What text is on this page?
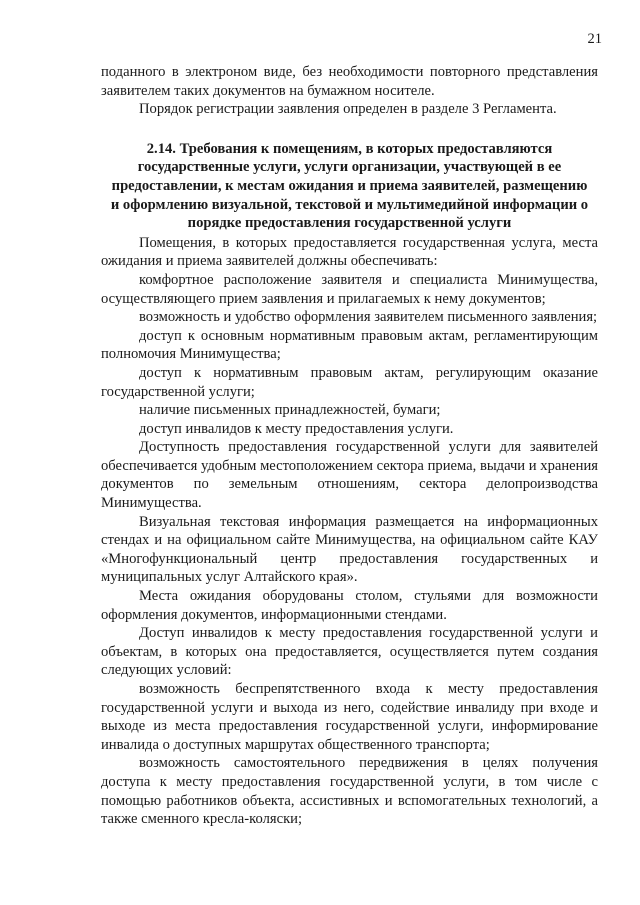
21

поданного в электроном виде, без необходимости повторного представления заявителем таких документов на бумажном носителе.

Порядок регистрации заявления определен в разделе 3 Регламента.

2.14. Требования к помещениям, в которых предоставляются
государственные услуги, услуги организации, участвующей в ее
предоставлении, к местам ожидания и приема заявителей, размещению
и оформлению визуальной, текстовой и мультимедийной информации о
порядке предоставления государственной услуги

Помещения, в которых предоставляется государственная услуга, места ожидания и приема заявителей должны обеспечивать:

комфортное расположение заявителя и специалиста Минимущества, осуществляющего прием заявления и прилагаемых к нему документов;

возможность и удобство оформления заявителем письменного заявления;

доступ к основным нормативным правовым актам, регламентирующим полномочия Минимущества;

доступ к нормативным правовым актам, регулирующим оказание государственной услуги;

наличие письменных принадлежностей, бумаги;

доступ инвалидов к месту предоставления услуги.

Доступность предоставления государственной услуги для заявителей обеспечивается удобным местоположением сектора приема, выдачи и хранения документов по земельным отношениям, сектора делопроизводства Минимущества.

Визуальная текстовая информация размещается на информационных стендах и на официальном сайте Минимущества, на официальном сайте КАУ «Многофункциональный центр предоставления государственных и муниципальных услуг Алтайского края».

Места ожидания оборудованы столом, стульями для возможности оформления документов, информационными стендами.

Доступ инвалидов к месту предоставления государственной услуги и объектам, в которых она предоставляется, осуществляется путем создания следующих условий:

возможность беспрепятственного входа к месту предоставления государственной услуги и выхода из него, содействие инвалиду при входе и выходе из места предоставления государственной услуги, информирование инвалида о доступных маршрутах общественного транспорта;

возможность самостоятельного передвижения в целях получения доступа к месту предоставления государственной услуги, в том числе с помощью работников объекта, ассистивных и вспомогательных технологий, а также сменного кресла-коляски;
